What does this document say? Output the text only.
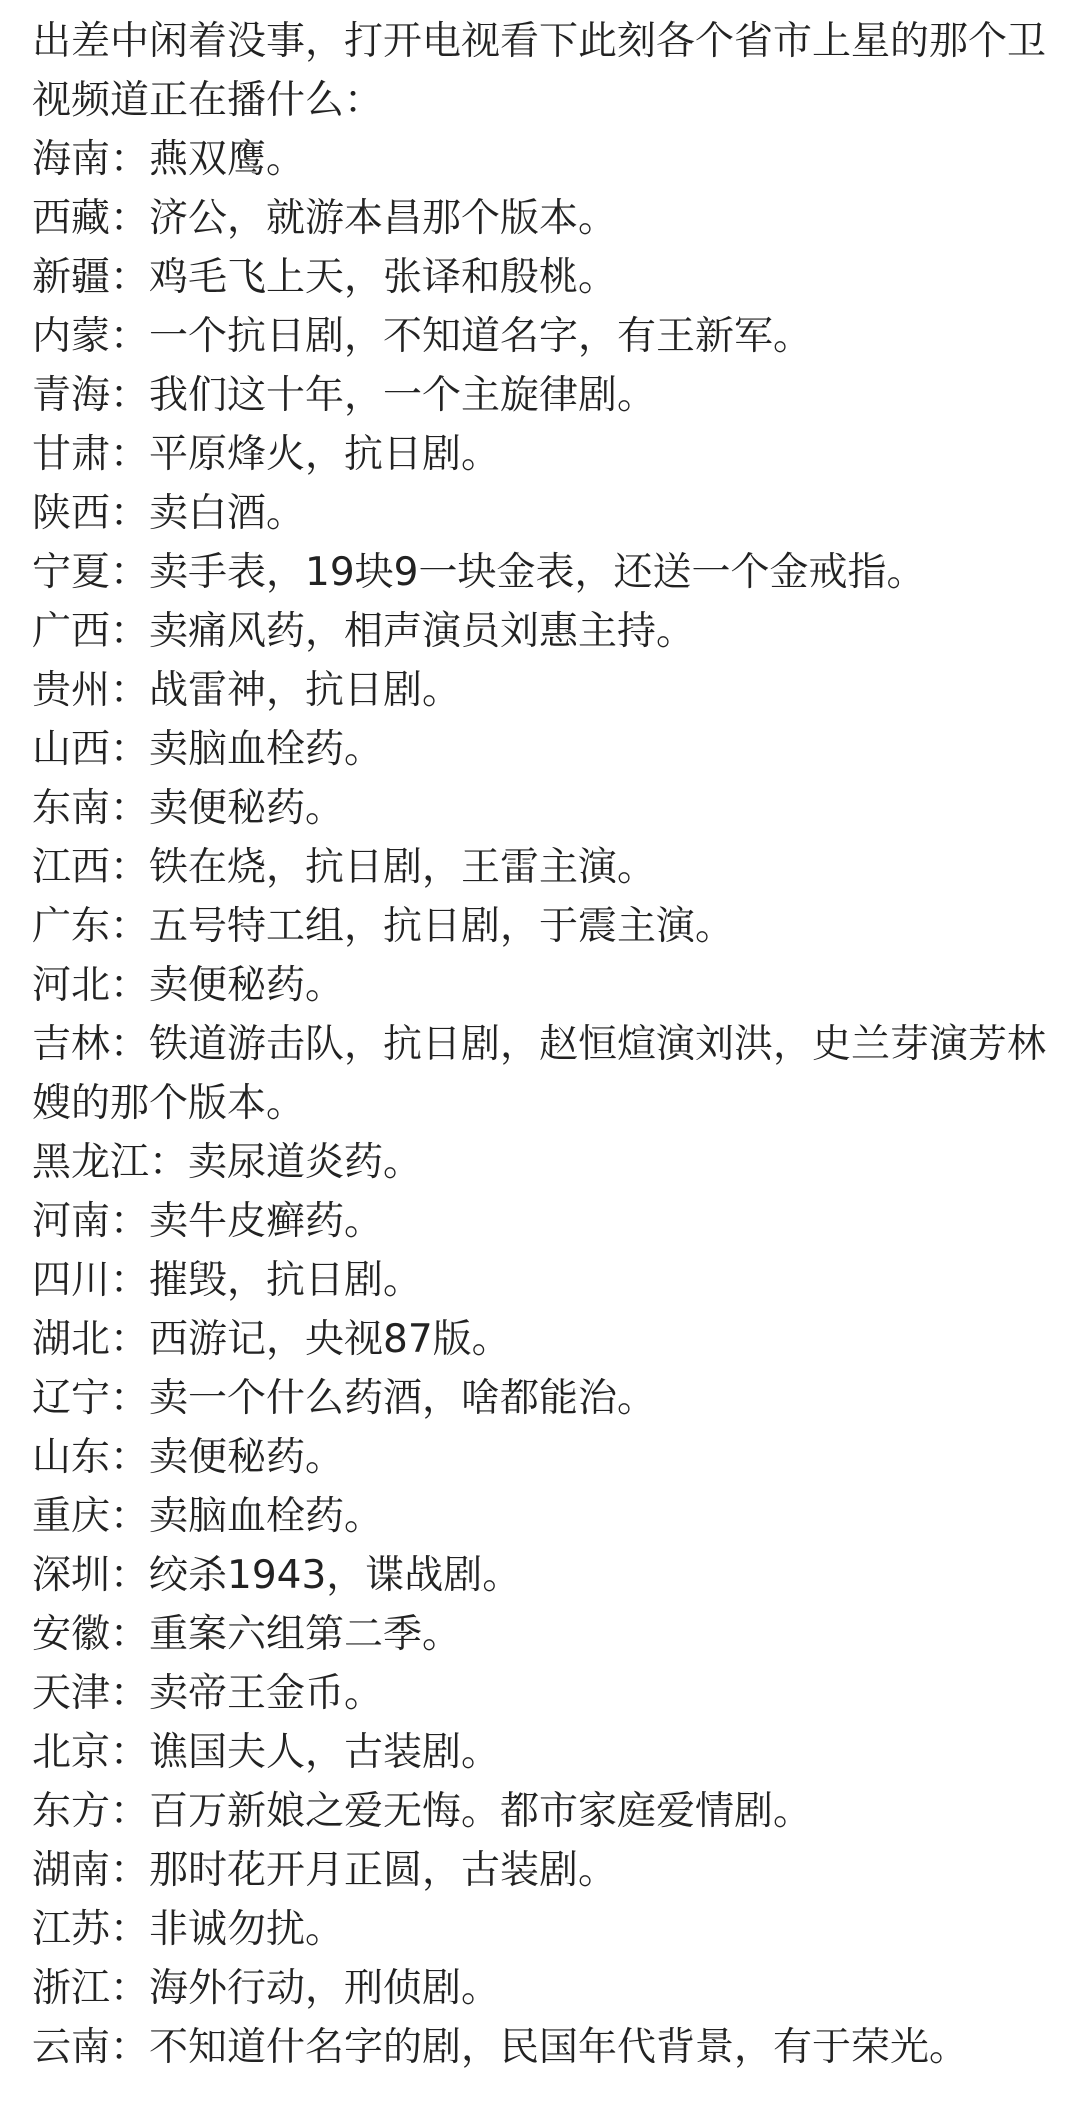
出差中闲着没事，打开电视看下此刻各个省市上星的那个卫视频道正在播什么：
海南：燕双鹰。
西藏：济公，就游本昌那个版本。
新疆：鸡毛飞上天，张译和殷桃。
内蒙：一个抗日剧，不知道名字，有王新军。
青海：我们这十年，一个主旋律剧。
甘肃：平原烽火，抗日剧。
陕西：卖白酒。
宁夏：卖手表，19块9一块金表，还送一个金戒指。
广西：卖痛风药，相声演员刘惠主持。
贵州：战雷神，抗日剧。
山西：卖脑血栓药。
东南：卖便秘药。
江西：铁在烧，抗日剧，王雷主演。
广东：五号特工组，抗日剧，于震主演。
河北：卖便秘药。
吉林：铁道游击队，抗日剧，赵恒煊演刘洪，史兰芽演芳林嫂的那个版本。
黑龙江：卖尿道炎药。
河南：卖牛皮癣药。
四川：摧毁，抗日剧。
湖北：西游记，央视87版。
辽宁：卖一个什么药酒，啥都能治。
山东：卖便秘药。
重庆：卖脑血栓药。
深圳：绞杀1943，谍战剧。
安徽：重案六组第二季。
天津：卖帝王金币。
北京：谯国夫人，古装剧。
东方：百万新娘之爱无悔。都市家庭爱情剧。
湖南：那时花开月正圆，古装剧。
江苏：非诚勿扰。
浙江：海外行动，刑侦剧。
云南：不知道什名字的剧，民国年代背景，有于荣光。
